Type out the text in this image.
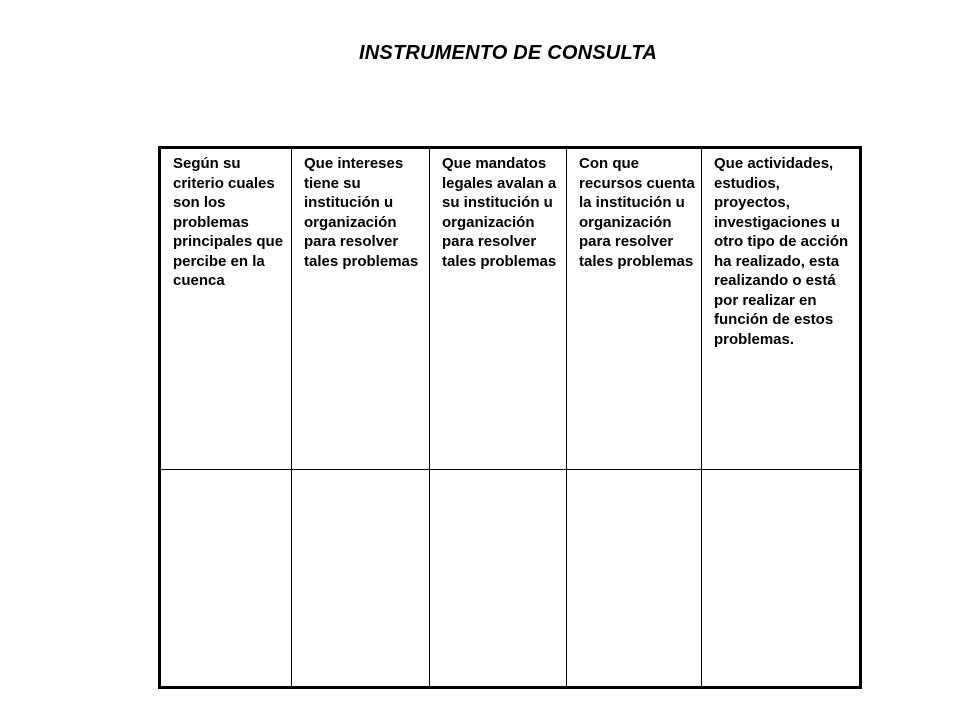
INSTRUMENTO DE CONSULTA
Según su criterio cuales son los problemas principales que percibe en la cuenca	Que intereses tiene su institución u organización para resolver tales problemas	Que mandatos legales avalan a su institución u organización para resolver tales problemas	Con que recursos cuenta la institución u organización para resolver tales problemas	Que actividades, estudios, proyectos, investigaciones u otro tipo de acción ha realizado, esta realizando o está por realizar en función de estos problemas.
